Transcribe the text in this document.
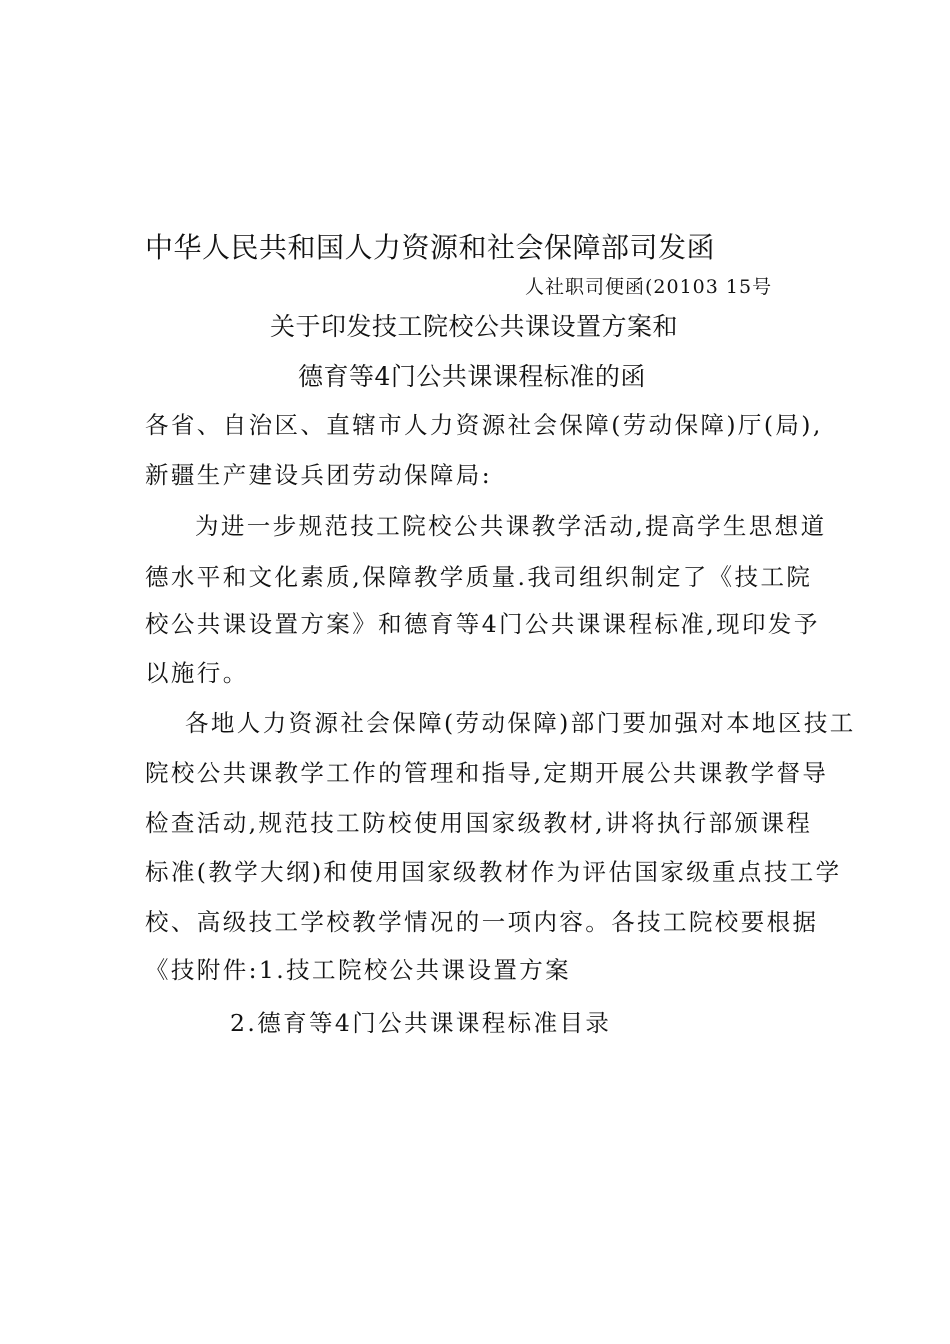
中华人民共和国人力资源和社会保障部司发函
人社职司便函(20103 15号
关于印发技工院校公共课设置方案和
德育等4门公共课课程标准的函
各省、自治区、直辖市人力资源社会保障(劳动保障)厅(局),
新疆生产建设兵团劳动保障局:
为进一步规范技工院校公共课教学活动,提高学生思想道
德水平和文化素质,保障教学质量.我司组织制定了《技工院
校公共课设置方案》和德育等4门公共课课程标准,现印发予
以施行。
各地人力资源社会保障(劳动保障)部门要加强对本地区技工
院校公共课教学工作的管理和指导,定期开展公共课教学督导
检查活动,规范技工防校使用国家级教材,讲将执行部颁课程
标准(教学大纲)和使用国家级教材作为评估国家级重点技工学
校、高级技工学校教学情况的一项内容。各技工院校要根据
《技附件:1.技工院校公共课设置方案
2.德育等4门公共课课程标准目录
